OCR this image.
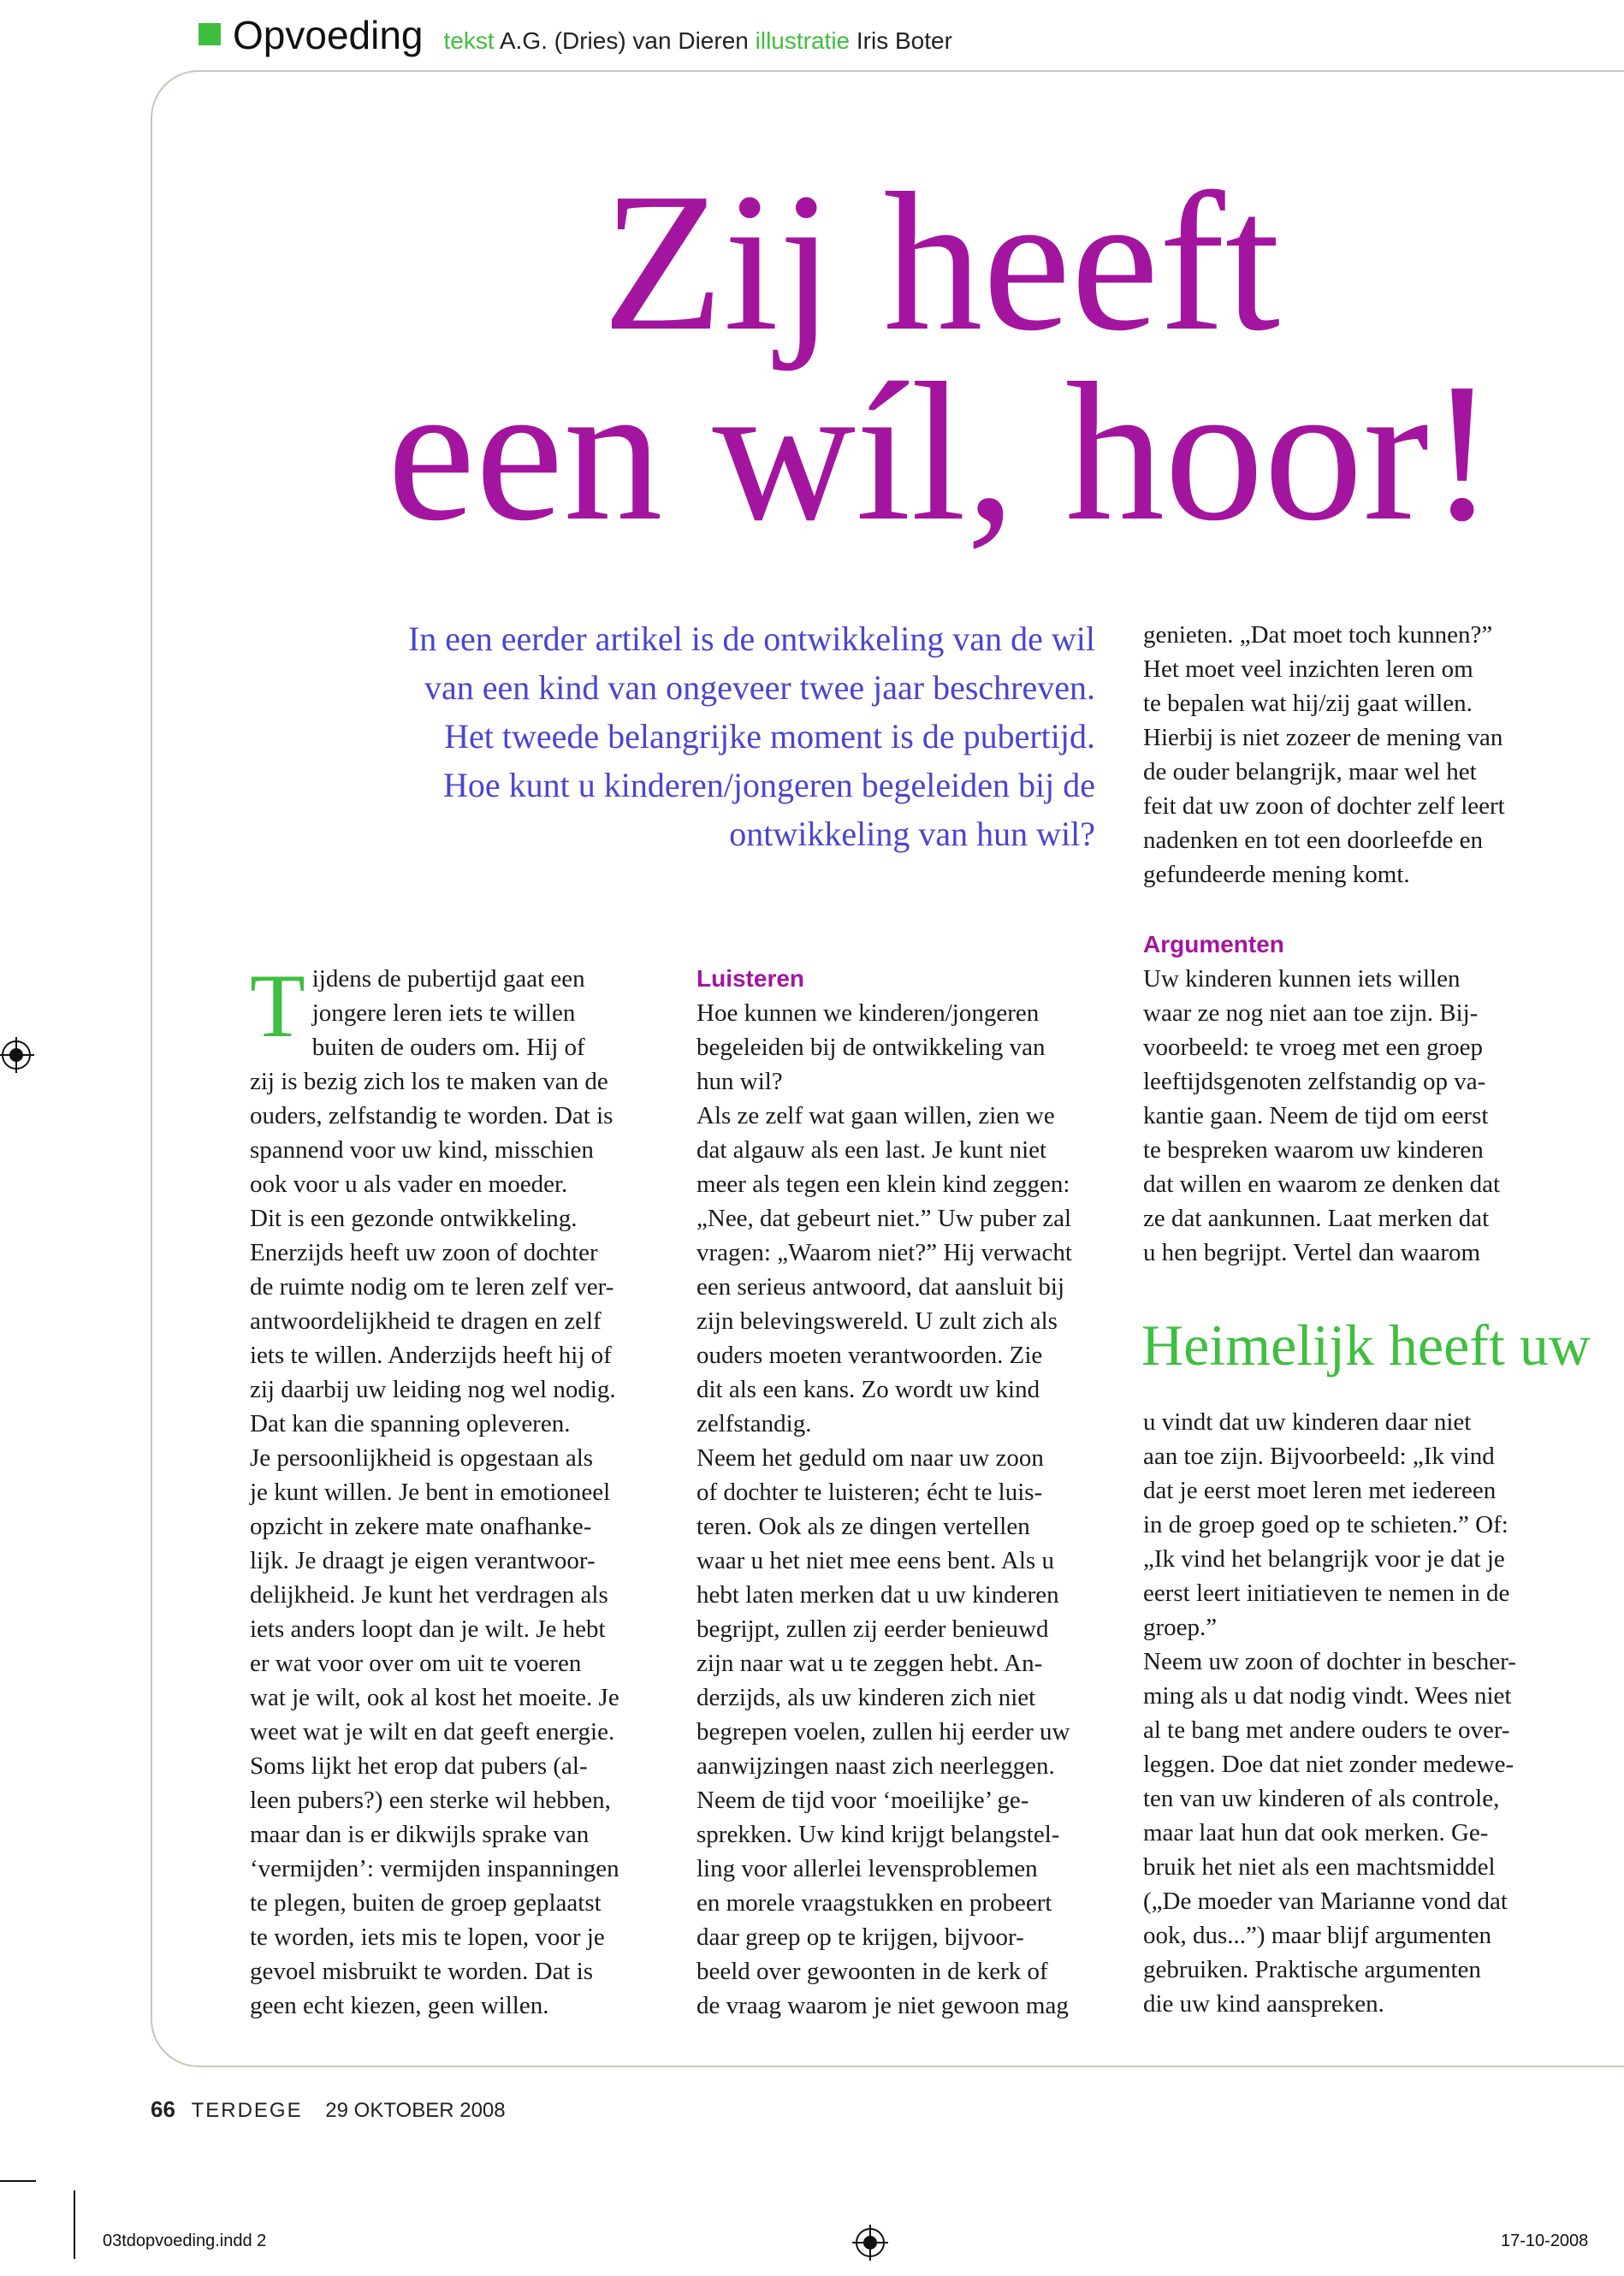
Opvoeding tekst A.G. (Dries) van Dieren illustratie Iris Boter
Zij heeft
een wíl, hoor!
In een eerder artikel is de ontwikkeling van de wil
van een kind van ongeveer twee jaar beschreven.
Het tweede belangrijke moment is de pubertijd.
Hoe kunt u kinderen/jongeren begeleiden bij de
ontwikkeling van hun wil?
T ijdens de pubertijd gaat een

jongere leren iets te willen

buiten de ouders om. Hij of

zij is bezig zich los te maken van de

ouders, zelfstandig te worden. Dat is

spannend voor uw kind, misschien

ook voor u als vader en moeder.

Dit is een gezonde ontwikkeling.

Enerzijds heeft uw zoon of dochter

de ruimte nodig om te leren zelf ver-

antwoordelijkheid te dragen en zelf

iets te willen. Anderzijds heeft hij of

zij daarbij uw leiding nog wel nodig.

Dat kan die spanning opleveren.

Je persoonlijkheid is opgestaan als

je kunt willen. Je bent in emotioneel

opzicht in zekere mate onafhanke-

lijk. Je draagt je eigen verantwoor-

delijkheid. Je kunt het verdragen als

iets anders loopt dan je wilt. Je hebt

er wat voor over om uit te voeren

wat je wilt, ook al kost het moeite. Je

weet wat je wilt en dat geeft energie.

Soms lijkt het erop dat pubers (al-

leen pubers?) een sterke wil hebben,

maar dan is er dikwijls sprake van

‘vermijden’: vermijden inspanningen

te plegen, buiten de groep geplaatst

te worden, iets mis te lopen, voor je

gevoel misbruikt te worden. Dat is

geen echt kiezen, geen willen.

Luisteren

Hoe kunnen we kinderen/jongeren

begeleiden bij de ontwikkeling van

hun wil?

Als ze zelf wat gaan willen, zien we

dat algauw als een last. Je kunt niet

meer als tegen een klein kind zeggen:

„Nee, dat gebeurt niet.” Uw puber zal

vragen: „Waarom niet?” Hij verwacht

een serieus antwoord, dat aansluit bij

zijn belevingswereld. U zult zich als

ouders moeten verantwoorden. Zie

dit als een kans. Zo wordt uw kind

zelfstandig.

Neem het geduld om naar uw zoon

of dochter te luisteren; écht te luis-

teren. Ook als ze dingen vertellen

waar u het niet mee eens bent. Als u

hebt laten merken dat u uw kinderen

begrijpt, zullen zij eerder benieuwd

zijn naar wat u te zeggen hebt. An-

derzijds, als uw kinderen zich niet

begrepen voelen, zullen hij eerder uw

aanwijzingen naast zich neerleggen.

Neem de tijd voor ‘moeilijke’ ge-

sprekken. Uw kind krijgt belangstel-

ling voor allerlei levensproblemen

en morele vraagstukken en probeert

daar greep op te krijgen, bijvoor-

beeld over gewoonten in de kerk of

de vraag waarom je niet gewoon mag

genieten. „Dat moet toch kunnen?”

Het moet veel inzichten leren om

te bepalen wat hij/zij gaat willen.

Hierbij is niet zozeer de mening van

de ouder belangrijk, maar wel het

feit dat uw zoon of dochter zelf leert

nadenken en tot een doorleefde en

gefundeerde mening komt.

Argumenten

Uw kinderen kunnen iets willen

waar ze nog niet aan toe zijn. Bij-

voorbeeld: te vroeg met een groep

leeftijdsgenoten zelfstandig op va-

kantie gaan. Neem de tijd om eerst

te bespreken waarom uw kinderen

dat willen en waarom ze denken dat

ze dat aankunnen. Laat merken dat

u hen begrijpt. Vertel dan waarom

Heimelijk heeft uw

u vindt dat uw kinderen daar niet

aan toe zijn. Bijvoorbeeld: „Ik vind

dat je eerst moet leren met iedereen

in de groep goed op te schieten.” Of:

„Ik vind het belangrijk voor je dat je

eerst leert initiatieven te nemen in de

groep.”

Neem uw zoon of dochter in bescher-

ming als u dat nodig vindt. Wees niet

al te bang met andere ouders te over-

leggen. Doe dat niet zonder medewe-

ten van uw kinderen of als controle,

maar laat hun dat ook merken. Ge-

bruik het niet als een machtsmiddel

(„De moeder van Marianne vond dat

ook, dus...”) maar blijf argumenten

gebruiken. Praktische argumenten

die uw kind aanspreken.

66 TERDEGE 29 OKTOBER 2008
03tdopvoeding.indd 2	17-10-2008
